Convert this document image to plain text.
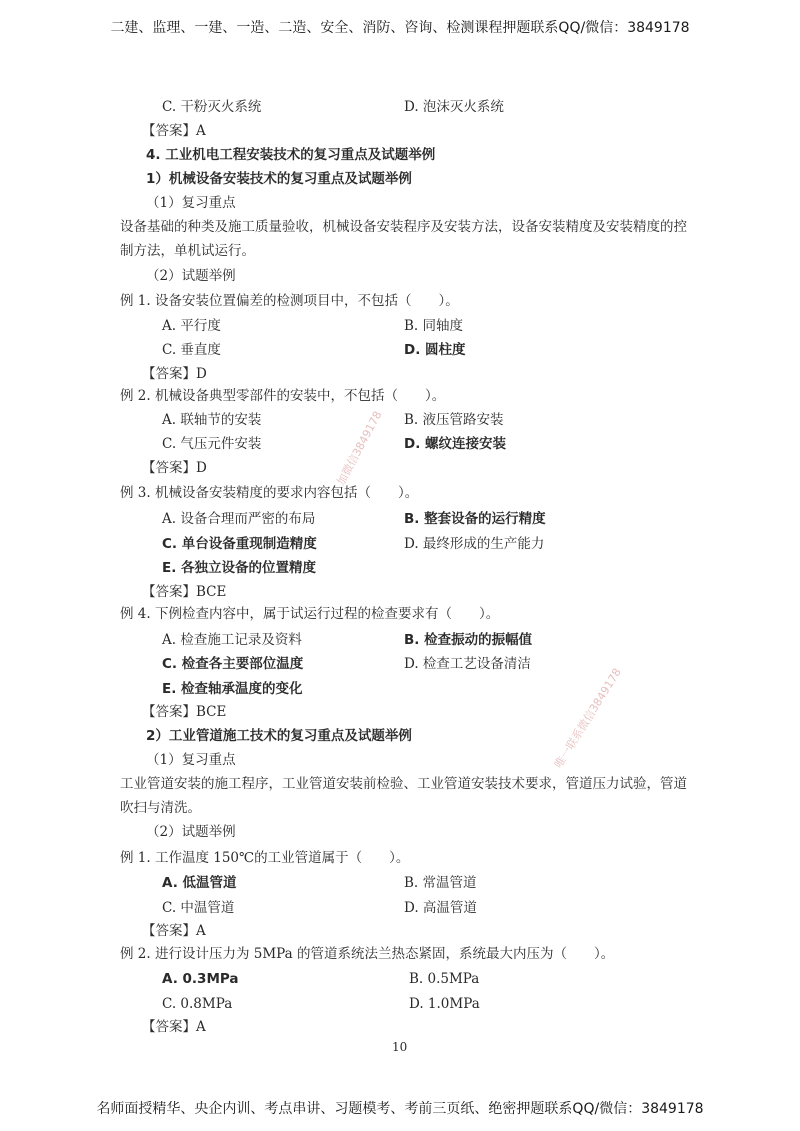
二建、监理、一建、一造、二造、安全、消防、咨询、检测课程押题联系QQ/微信：3849178
C. 干粉灭火系统	D. 泡沫灭火系统
【答案】A
4. 工业机电工程安装技术的复习重点及试题举例
1）机械设备安装技术的复习重点及试题举例
（1）复习重点
设备基础的种类及施工质量验收，机械设备安装程序及安装方法，设备安装精度及安装精度的控制方法，单机试运行。
（2）试题举例
例 1. 设备安装位置偏差的检测项目中，不包括（　　）。
A. 平行度	B. 同轴度
C. 垂直度	D. 圆柱度
【答案】D
例 2. 机械设备典型零部件的安装中，不包括（　　）。
A. 联轴节的安装	B. 液压管路安装
C. 气压元件安装	D. 螺纹连接安装
【答案】D
例 3. 机械设备安装精度的要求内容包括（　　）。
A. 设备合理而严密的布局	B. 整套设备的运行精度
C. 单台设备重现制造精度	D. 最终形成的生产能力
E. 各独立设备的位置精度
【答案】BCE
例 4. 下例检查内容中，属于试运行过程的检查要求有（　　）。
A. 检查施工记录及资料	B. 检查振动的振幅值
C. 检查各主要部位温度	D. 检查工艺设备清洁
E. 检查轴承温度的变化
【答案】BCE
2）工业管道施工技术的复习重点及试题举例
（1）复习重点
工业管道安装的施工程序，工业管道安装前检验、工业管道安装技术要求，管道压力试验，管道吹扫与清洗。
（2）试题举例
例 1. 工作温度 150℃的工业管道属于（　　）。
A. 低温管道	B. 常温管道
C. 中温管道	D. 高温管道
【答案】A
例 2. 进行设计压力为 5MPa 的管道系统法兰热态紧固，系统最大内压为（　　）。
A. 0.3MPa	B. 0.5MPa
C. 0.8MPa	D. 1.0MPa
【答案】A
10
加微信3849178
唯一联系微信3849178
名师面授精华、央企内训、考点串讲、习题模考、考前三页纸、绝密押题联系QQ/微信：3849178
